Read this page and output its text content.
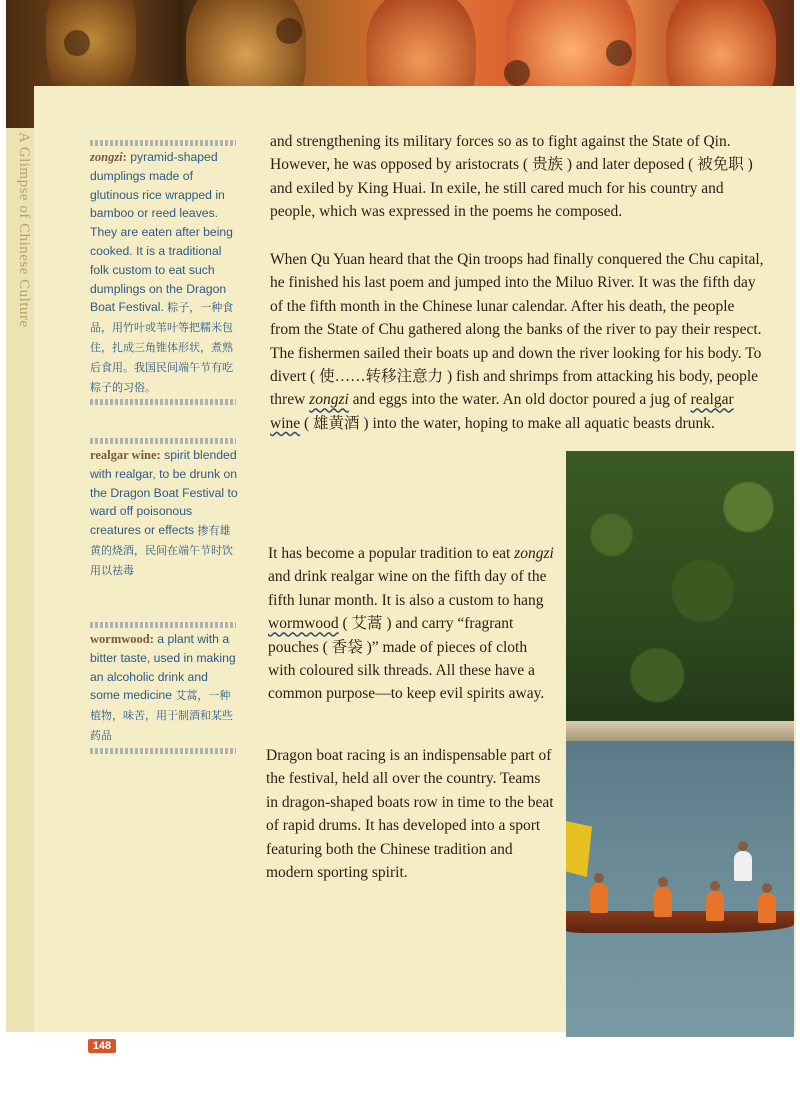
A Glimpse of Chinese Culture	zongzi: pyramid-shaped dumplings made of glutinous rice wrapped in bamboo or reed leaves. They are eaten after being cooked. It is a traditional folk custom to eat such dumplings on the Dragon Boat Festival. 粽子，一种食品，用竹叶或苇叶等把糯米包住，扎成三角锥体形状，煮熟后食用。我国民间端午节有吃粽子的习俗。
realgar wine: spirit blended with realgar, to be drunk on the Dragon Boat Festival to ward off poisonous creatures or effects 掺有雄黄的烧酒，民间在端午节时饮用以祛毒
wormwood: a plant with a bitter taste, used in making an alcoholic drink and some medicine 艾蒿，一种植物，味苦，用于制酒和某些药品

and strengthening its military forces so as to fight against the State of Qin. However, he was opposed by aristocrats ( 贵族 ) and later deposed ( 被免职 ) and exiled by King Huai. In exile, he still cared much for his country and people, which was expressed in the poems he composed.

When Qu Yuan heard that the Qin troops had finally conquered the Chu capital, he finished his last poem and jumped into the Miluo River. It was the fifth day of the fifth month in the Chinese lunar calendar. After his death, the people from the State of Chu gathered along the banks of the river to pay their respect. The fishermen sailed their boats up and down the river looking for his body. To divert ( 使……转移注意力 ) fish and shrimps from attacking his body, people threw zongzi and eggs into the water. An old doctor poured a jug of realgar wine ( 雄黄酒 ) into the water, hoping to make all aquatic beasts drunk.

It has become a popular tradition to eat zongzi and drink realgar wine on the fifth day of the fifth lunar month. It is also a custom to hang wormwood ( 艾蒿 ) and carry “fragrant pouches ( 香袋 )” made of pieces of cloth with coloured silk threads. All these have a common purpose—to keep evil spirits away.

Dragon boat racing is an indispensable part of the festival, held all over the country. Teams in dragon-shaped boats row in time to the beat of rapid drums. It has developed into a sport featuring both the Chinese tradition and modern sporting spirit.

148
